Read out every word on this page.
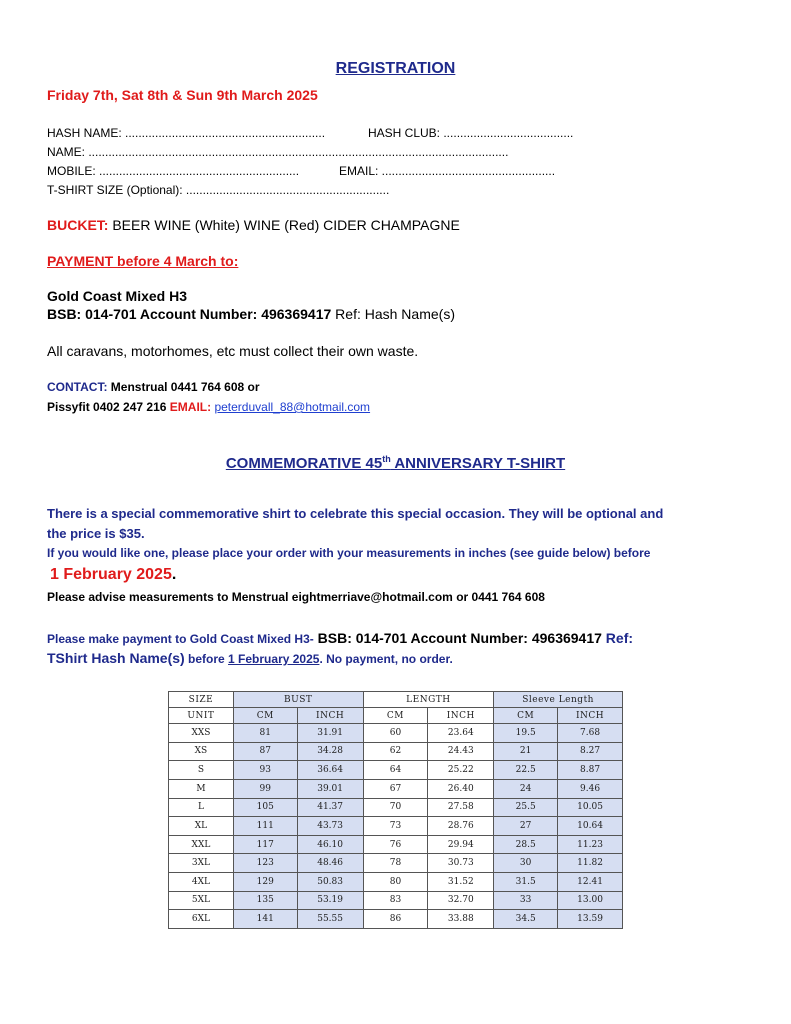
REGISTRATION
Friday 7th, Sat 8th & Sun 9th March 2025
HASH NAME: ............................................................	HASH CLUB: .......................................
NAME: ..............................................................................................................................
MOBILE: ............................................................	EMAIL: ....................................................
T-SHIRT SIZE (Optional): .............................................................
BUCKET: BEER WINE (White) WINE (Red) CIDER CHAMPAGNE
PAYMENT before 4 March to:
Gold Coast Mixed H3
BSB: 014-701 Account Number: 496369417 Ref: Hash Name(s)
All caravans, motorhomes, etc must collect their own waste.
CONTACT: Menstrual 0441 764 608 or
Pissyfit 0402 247 216 EMAIL: peterduvall_88@hotmail.com
COMMEMORATIVE 45th ANNIVERSARY T-SHIRT
There is a special commemorative shirt to celebrate this special occasion. They will be optional and
the price is $35.
If you would like one, please place your order with your measurements in inches (see guide below) before
1 February 2025.
Please advise measurements to Menstrual eightmerriave@hotmail.com or 0441 764 608
Please make payment to Gold Coast Mixed H3- BSB: 014-701 Account Number: 496369417 Ref:
TShirt Hash Name(s) before 1 February 2025. No payment, no order.
SIZE	BUST		LENGTH		Sleeve Length	
UNIT	CM	INCH	CM	INCH	CM	INCH
XXS	81	31.91	60	23.64	19.5	7.68
XS	87	34.28	62	24.43	21	8.27
S	93	36.64	64	25.22	22.5	8.87
M	99	39.01	67	26.40	24	9.46
L	105	41.37	70	27.58	25.5	10.05
XL	111	43.73	73	28.76	27	10.64
XXL	117	46.10	76	29.94	28.5	11.23
3XL	123	48.46	78	30.73	30	11.82
4XL	129	50.83	80	31.52	31.5	12.41
5XL	135	53.19	83	32.70	33	13.00
6XL	141	55.55	86	33.88	34.5	13.59
